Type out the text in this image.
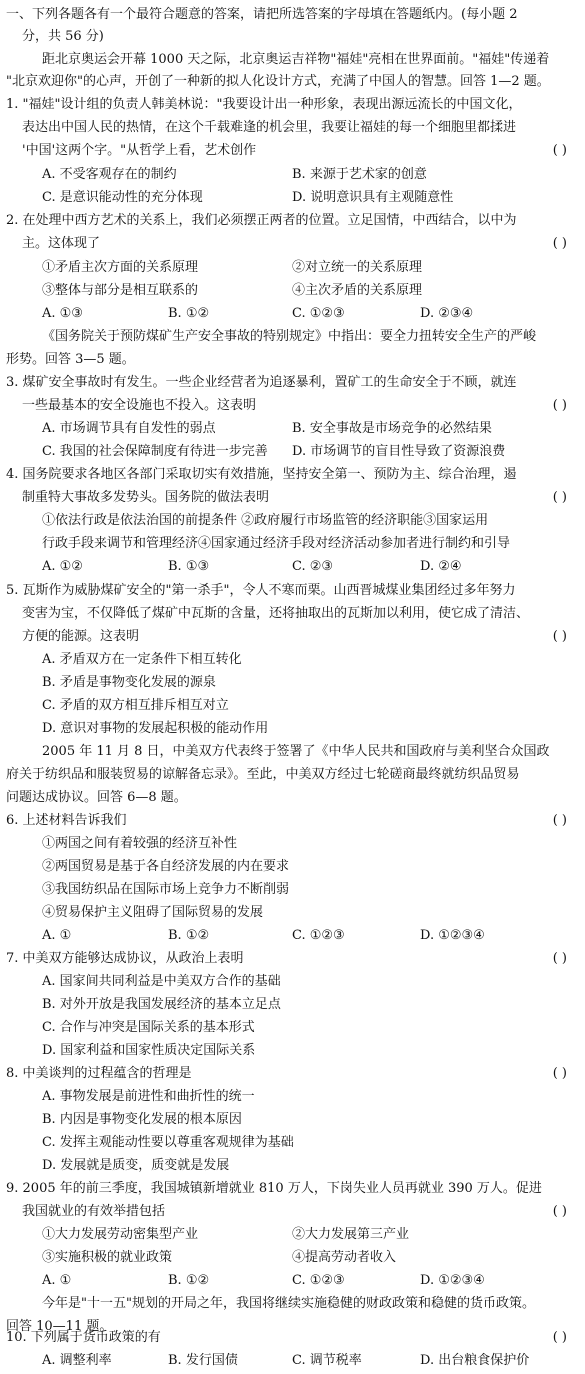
一、下列各题各有一个最符合题意的答案，请把所选答案的字母填在答题纸内。(每小题 2
分，共 56 分)
距北京奥运会开幕 1000 天之际，北京奥运吉祥物"福娃"亮相在世界面前。"福娃"传递着
"北京欢迎你"的心声，开创了一种新的拟人化设计方式，充满了中国人的智慧。回答 1—2 题。
1. "福娃"设计组的负责人韩美林说："我要设计出一种形象，表现出源远流长的中国文化，
表达出中国人民的热情，在这个千载难逢的机会里，我要让福娃的每一个细胞里都揉进
'中国'这两个字。"从哲学上看，艺术创作	( )
A. 不受客观存在的制约	B. 来源于艺术家的创意
C. 是意识能动性的充分体现	D. 说明意识具有主观随意性
2. 在处理中西方艺术的关系上，我们必须摆正两者的位置。立足国情，中西结合，以中为
主。这体现了	( )
①矛盾主次方面的关系原理	②对立统一的关系原理
③整体与部分是相互联系的	④主次矛盾的关系原理
A. ①③	B. ①②	C. ①②③	D. ②③④
《国务院关于预防煤矿生产安全事故的特别规定》中指出：要全力扭转安全生产的严峻
形势。回答 3—5 题。
3. 煤矿安全事故时有发生。一些企业经营者为追逐暴利，置矿工的生命安全于不顾，就连
一些最基本的安全设施也不投入。这表明	( )
A. 市场调节具有自发性的弱点	B. 安全事故是市场竞争的必然结果
C. 我国的社会保障制度有待进一步完善 D. 市场调节的盲目性导致了资源浪费
4. 国务院要求各地区各部门采取切实有效措施，坚持安全第一、预防为主、综合治理，遏
制重特大事故多发势头。国务院的做法表明	( )
①依法行政是依法治国的前提条件 ②政府履行市场监管的经济职能③国家运用
行政手段来调节和管理经济④国家通过经济手段对经济活动参加者进行制约和引导
A. ①②	B. ①③	C. ②③	D. ②④
5. 瓦斯作为威胁煤矿安全的"第一杀手"，令人不寒而栗。山西晋城煤业集团经过多年努力
变害为宝，不仅降低了煤矿中瓦斯的含量，还将抽取出的瓦斯加以利用，使它成了清洁、
方便的能源。这表明	( )
A. 矛盾双方在一定条件下相互转化
B. 矛盾是事物变化发展的源泉
C. 矛盾的双方相互排斥相互对立
D. 意识对事物的发展起积极的能动作用
2005 年 11 月 8 日，中美双方代表终于签署了《中华人民共和国政府与美利坚合众国政
府关于纺织品和服装贸易的谅解备忘录》。至此，中美双方经过七轮磋商最终就纺织品贸易
问题达成协议。回答 6—8 题。
6. 上述材料告诉我们	( )
①两国之间有着较强的经济互补性
②两国贸易是基于各自经济发展的内在要求
③我国纺织品在国际市场上竞争力不断削弱
④贸易保护主义阻碍了国际贸易的发展
A. ①	B. ①②	C. ①②③	D. ①②③④
7. 中美双方能够达成协议，从政治上表明	( )
A. 国家间共同利益是中美双方合作的基础
B. 对外开放是我国发展经济的基本立足点
C. 合作与冲突是国际关系的基本形式
D. 国家利益和国家性质决定国际关系
8. 中美谈判的过程蕴含的哲理是	( )
A. 事物发展是前进性和曲折性的统一
B. 内因是事物变化发展的根本原因
C. 发挥主观能动性要以尊重客观规律为基础
D. 发展就是质变，质变就是发展
9. 2005 年的前三季度，我国城镇新增就业 810 万人，下岗失业人员再就业 390 万人。促进
我国就业的有效举措包括	( )
①大力发展劳动密集型产业	②大力发展第三产业
③实施积极的就业政策	④提高劳动者收入
A. ①	B. ①②	C. ①②③	D. ①②③④
今年是"十一五"规划的开局之年，我国将继续实施稳健的财政政策和稳健的货币政策。
回答 10—11 题。
10. 下列属于货币政策的有	( )
A. 调整利率	B. 发行国债	C. 调节税率	D. 出台粮食保护价
